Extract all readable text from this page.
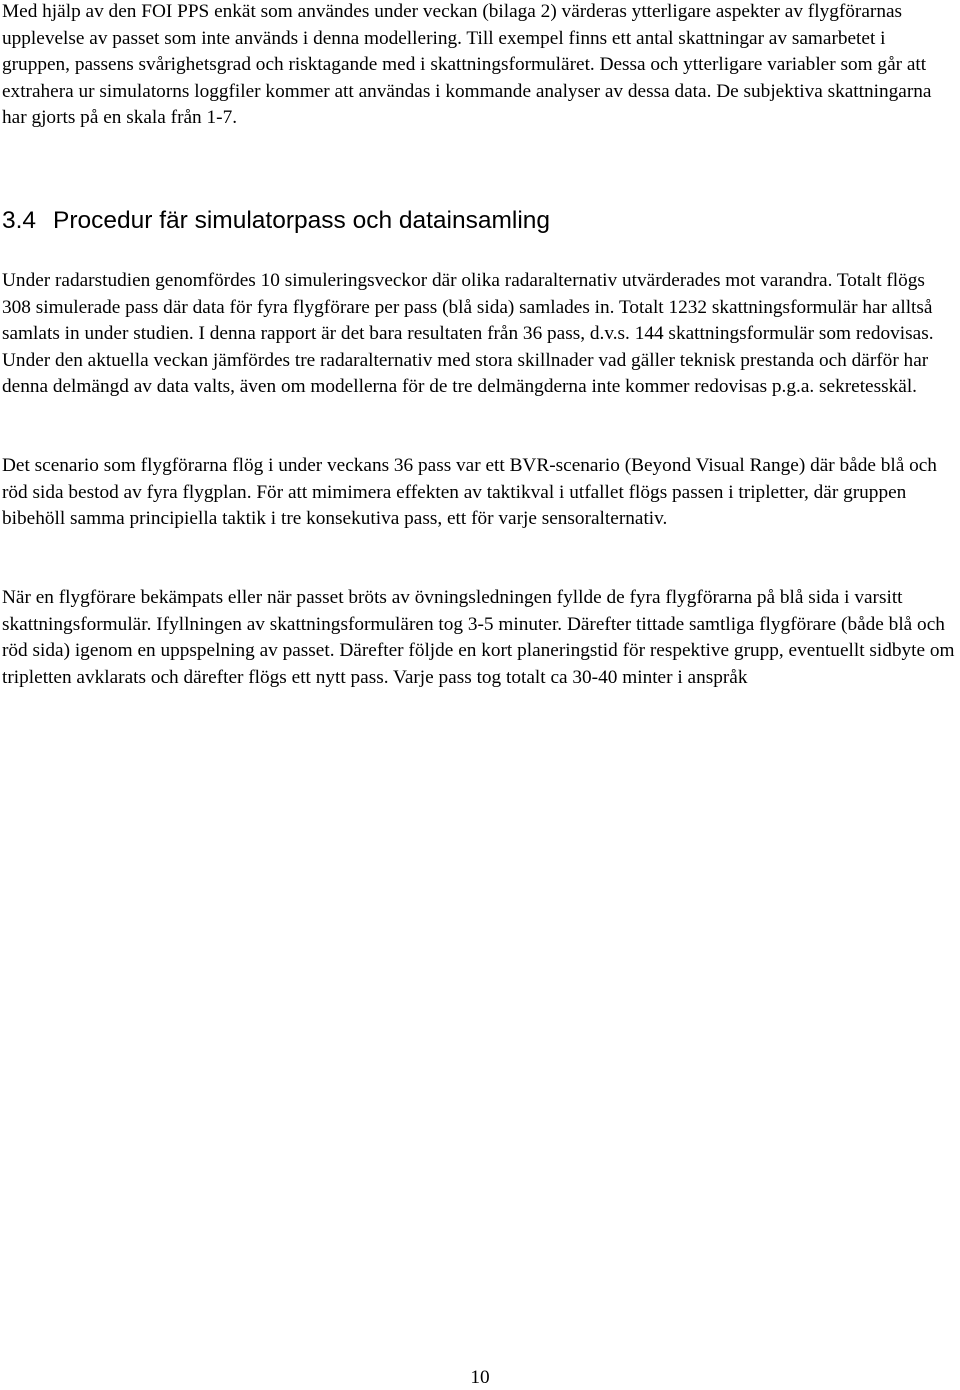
Med hjälp av den FOI PPS enkät som användes under veckan (bilaga 2) värderas ytterligare aspekter av flygförarnas upplevelse av passet som inte används i denna modellering. Till exempel finns ett antal skattningar av samarbetet i gruppen, passens svårighetsgrad och risktagande med i skattningsformuläret. Dessa och ytterligare variabler som går att extrahera ur simulatorns loggfiler kommer att användas i kommande analyser av dessa data. De subjektiva skattningarna har gjorts på en skala från 1-7.

3.4 Procedur fär simulatorpass och datainsamling

Under radarstudien genomfördes 10 simuleringsveckor där olika radaralternativ utvärderades mot varandra. Totalt flögs 308 simulerade pass där data för fyra flygförare per pass (blå sida) samlades in. Totalt 1232 skattningsformulär har alltså samlats in under studien. I denna rapport är det bara resultaten från 36 pass, d.v.s. 144 skattningsformulär som redovisas. Under den aktuella veckan jämfördes tre radaralternativ med stora skillnader vad gäller teknisk prestanda och därför har denna delmängd av data valts, även om modellerna för de tre delmängderna inte kommer redovisas p.g.a. sekretesskäl.

Det scenario som flygförarna flög i under veckans 36 pass var ett BVR-scenario (Beyond Visual Range) där både blå och röd sida bestod av fyra flygplan. För att mimimera effekten av taktikval i utfallet flögs passen i tripletter, där gruppen bibehöll samma principiella taktik i tre konsekutiva pass, ett för varje sensoralternativ.

När en flygförare bekämpats eller när passet bröts av övningsledningen fyllde de fyra flygförarna på blå sida i varsitt skattningsformulär. Ifyllningen av skattningsformulären tog 3-5 minuter. Därefter tittade samtliga flygförare (både blå och röd sida) igenom en uppspelning av passet. Därefter följde en kort planeringstid för respektive grupp, eventuellt sidbyte om tripletten avklarats och därefter flögs ett nytt pass. Varje pass tog totalt ca 30-40 minter i anspråk

10
